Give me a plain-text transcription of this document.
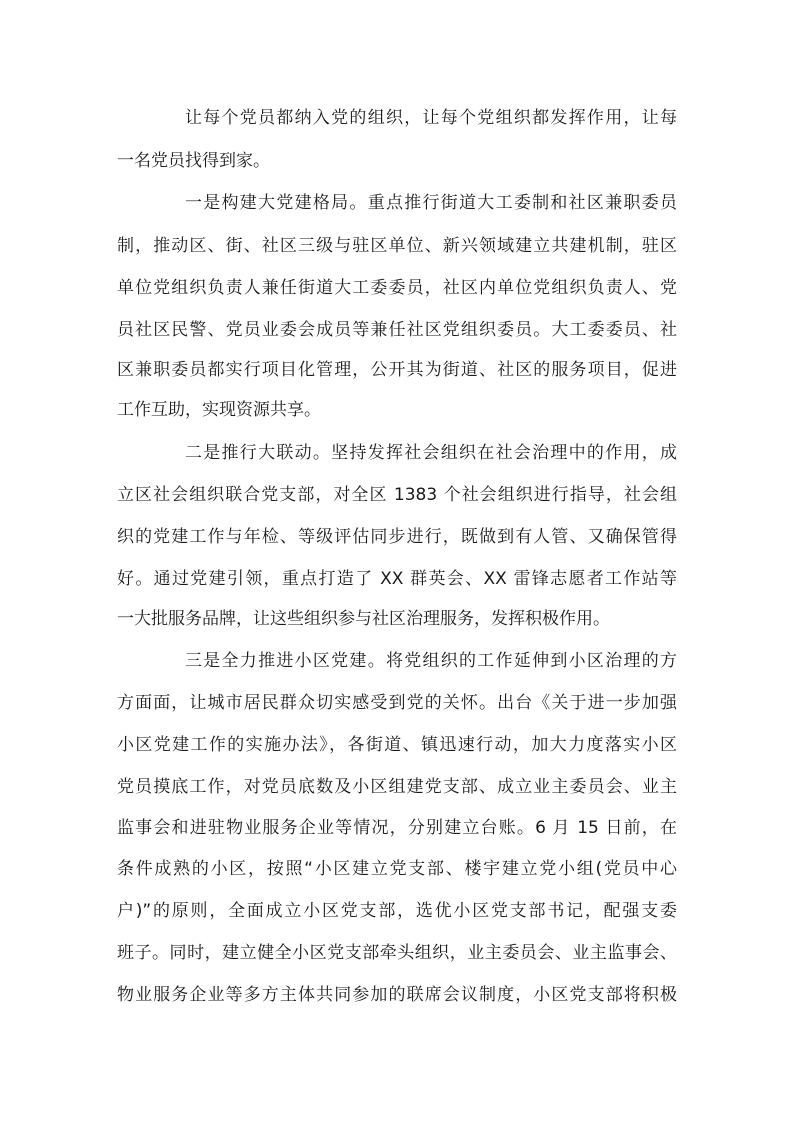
让每个党员都纳入党的组织，让每个党组织都发挥作用，让每
一名党员找得到家。
一是构建大党建格局。重点推行街道大工委制和社区兼职委员
制，推动区、街、社区三级与驻区单位、新兴领域建立共建机制，驻区
单位党组织负责人兼任街道大工委委员，社区内单位党组织负责人、党
员社区民警、党员业委会成员等兼任社区党组织委员。大工委委员、社
区兼职委员都实行项目化管理，公开其为街道、社区的服务项目，促进
工作互助，实现资源共享。
二是推行大联动。坚持发挥社会组织在社会治理中的作用，成
立区社会组织联合党支部，对全区 1383 个社会组织进行指导，社会组
织的党建工作与年检、等级评估同步进行，既做到有人管、又确保管得
好。通过党建引领，重点打造了 XX 群英会、XX 雷锋志愿者工作站等
一大批服务品牌，让这些组织参与社区治理服务，发挥积极作用。
三是全力推进小区党建。将党组织的工作延伸到小区治理的方
方面面，让城市居民群众切实感受到党的关怀。出台《关于进一步加强
小区党建工作的实施办法》，各街道、镇迅速行动，加大力度落实小区
党员摸底工作，对党员底数及小区组建党支部、成立业主委员会、业主
监事会和进驻物业服务企业等情况，分别建立台账。6 月 15 日前，在
条件成熟的小区，按照“小区建立党支部、楼宇建立党小组(党员中心
户)”的原则，全面成立小区党支部，选优小区党支部书记，配强支委
班子。同时，建立健全小区党支部牵头组织，业主委员会、业主监事会、
物业服务企业等多方主体共同参加的联席会议制度，小区党支部将积极
